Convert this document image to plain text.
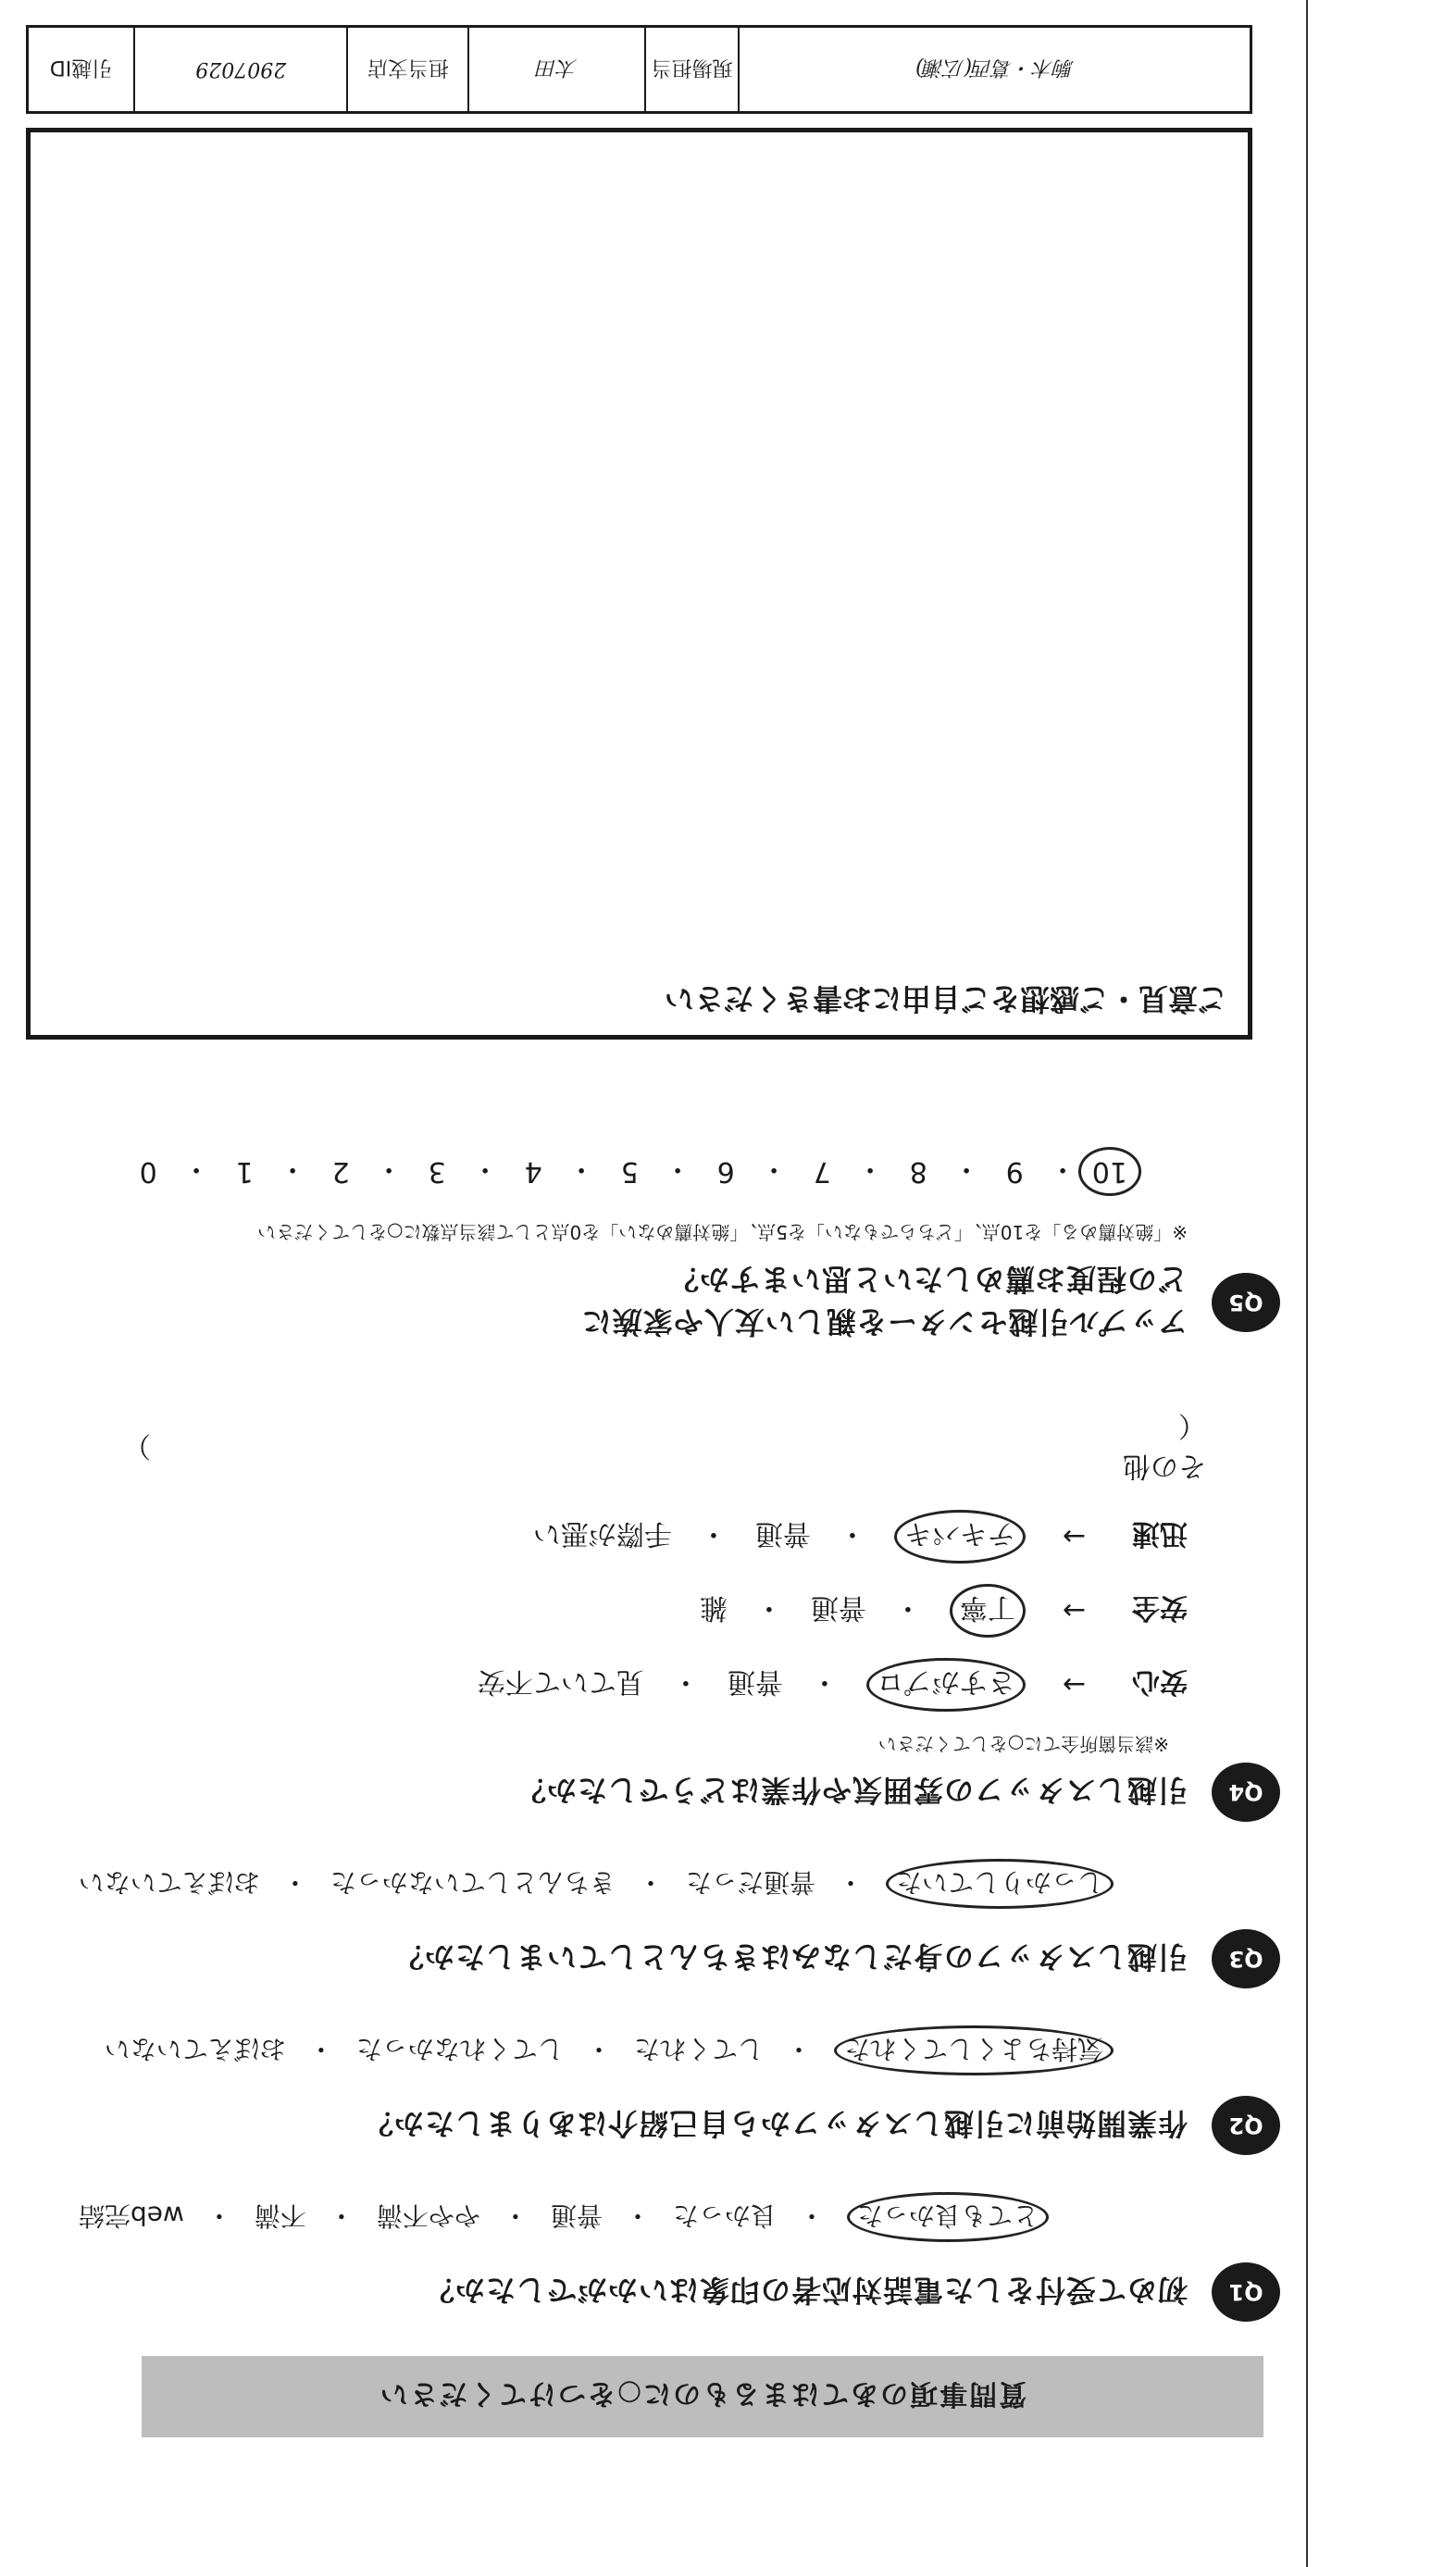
質問事項のあてはまるものに○をつけてください
Q1
初めて受付をした電話対応者の印象はいかがでしたか？
とても良かった
・
良かった
・
普通
・
やや不満
・
不満
・
web完結
Q2
作業開始前に引越しスタッフから自己紹介はありましたか？
気持ちよくしてくれた
・
してくれた
・
してくれなかった
・
おぼえていない
Q3
引越しスタッフの身だしなみはきちんとしていましたか？
しっかりしていた
・
普通だった
・
きちんとしていなかった
・
おぼえていない
Q4
引越しスタッフの雰囲気や作業はどうでしたか？
※該当箇所全てに○をしてください
安心
→
さすがプロ
・
普通
・
見ていて不安
安全
→
丁寧
・
普通
・
雑
迅速
→
テキパキ
・
普通
・
手際が悪い
その他（
）
Q5
アップル引越センターを親しい友人や家族に
どの程度お薦めしたいと思いますか？
※「絶対薦める」を10点、「どちらでもない」を5点、「絶対薦めない」を0点として該当点数に○をしてください
10
・
9
・
8
・
7
・
6
・
5
・
4
・
3
・
2
・
1
・
0
ご意見・ご感想をご自由にお書きください
駒木・葛西(広瀬)
現場担当
太田
担当支店
2907029
引越ID
